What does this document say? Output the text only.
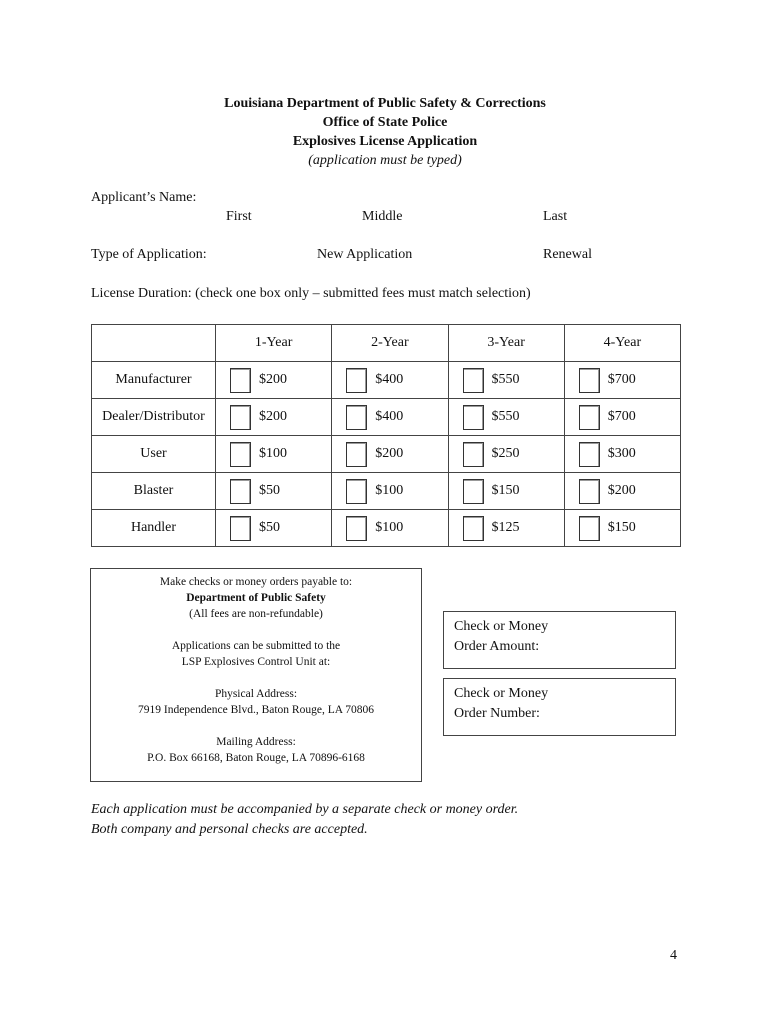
Louisiana Department of Public Safety & Corrections
Office of State Police
Explosives License Application
(application must be typed)
Applicant’s Name:
First	Middle	Last
Type of Application:	New Application	Renewal
License Duration: (check one box only – submitted fees must match selection)
	1-Year	2-Year	3-Year	4-Year
Manufacturer	$200	$400	$550	$700

Dealer/Distributor	$200	$400	$550	$700

User	$100	$200	$250	$300

Blaster	$50	$100	$150	$200

Handler	$50	$100	$125	$150

Make checks or money orders payable to:

Department of Public Safety

(All fees are non-refundable)

Applications can be submitted to the

LSP Explosives Control Unit at:

Physical Address:

7919 Independence Blvd., Baton Rouge, LA 70806

Mailing Address:

P.O. Box 66168, Baton Rouge, LA 70896-6168

Check or Money
Order Amount:
Check or Money
Order Number:
Each application must be accompanied by a separate check or money order.
Both company and personal checks are accepted.
4
